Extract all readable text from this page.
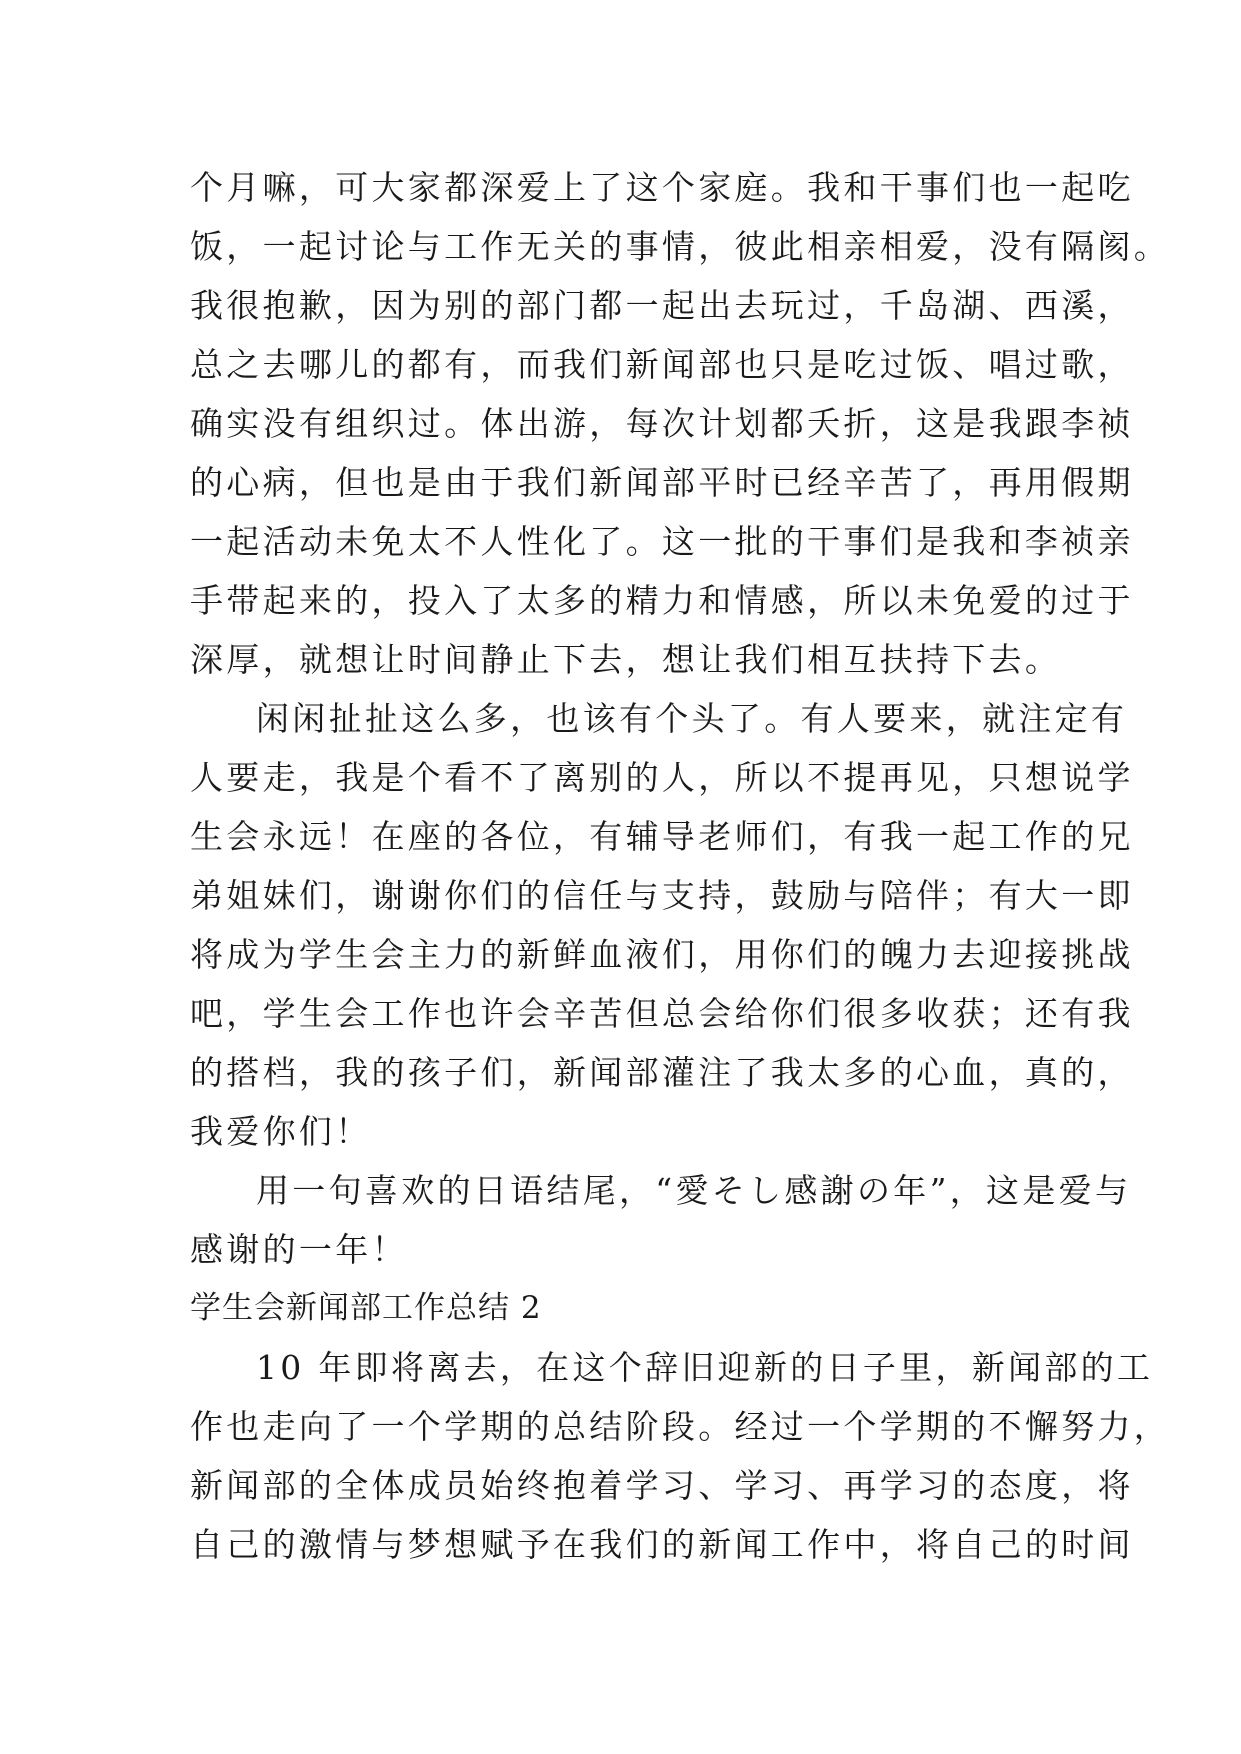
个月嘛，可大家都深爱上了这个家庭。我和干事们也一起吃
饭，一起讨论与工作无关的事情，彼此相亲相爱，没有隔阂。
我很抱歉，因为别的部门都一起出去玩过，千岛湖、西溪，
总之去哪儿的都有，而我们新闻部也只是吃过饭、唱过歌，
确实没有组织过。体出游，每次计划都夭折，这是我跟李祯
的心病，但也是由于我们新闻部平时已经辛苦了，再用假期
一起活动未免太不人性化了。这一批的干事们是我和李祯亲
手带起来的，投入了太多的精力和情感，所以未免爱的过于
深厚，就想让时间静止下去，想让我们相互扶持下去。
闲闲扯扯这么多，也该有个头了。有人要来，就注定有
人要走，我是个看不了离别的人，所以不提再见，只想说学
生会永远！在座的各位，有辅导老师们，有我一起工作的兄
弟姐妹们，谢谢你们的信任与支持，鼓励与陪伴；有大一即
将成为学生会主力的新鲜血液们，用你们的魄力去迎接挑战
吧，学生会工作也许会辛苦但总会给你们很多收获；还有我
的搭档，我的孩子们，新闻部灌注了我太多的心血，真的，
我爱你们！
用一句喜欢的日语结尾，“愛そし感謝の年”，这是爱与
感谢的一年！
学生会新闻部工作总结 2
10 年即将离去，在这个辞旧迎新的日子里，新闻部的工
作也走向了一个学期的总结阶段。经过一个学期的不懈努力，
新闻部的全体成员始终抱着学习、学习、再学习的态度，将
自己的激情与梦想赋予在我们的新闻工作中，将自己的时间
